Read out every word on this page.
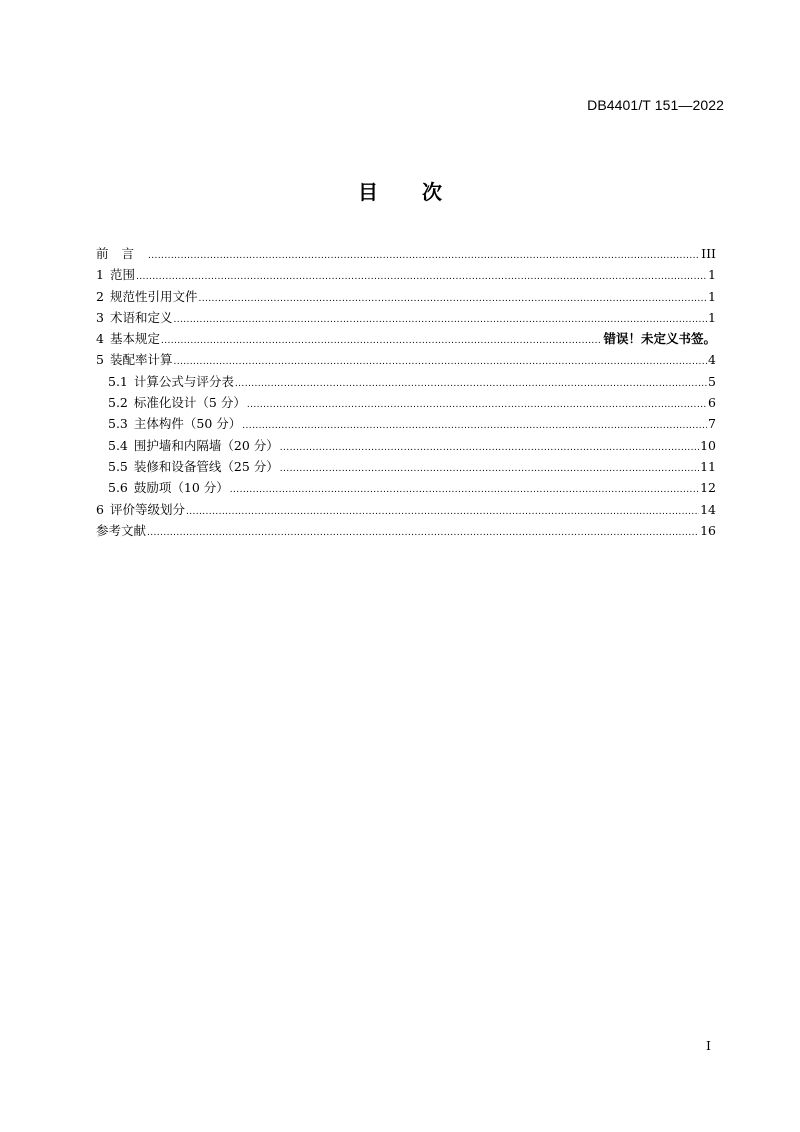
DB4401/T 151—2022
目次
前言 .....	III
1 范围 .....	1
2 规范性引用文件 .....	1
3 术语和定义 .....	1
4 基本规定 .....	错误！未定义书签。
5 装配率计算 .....	4
5.1 计算公式与评分表 .....	5
5.2 标准化设计（5 分） .....	6
5.3 主体构件（50 分） .....	7
5.4 围护墙和内隔墙（20 分） .....	10
5.5 装修和设备管线（25 分） .....	11
5.6 鼓励项（10 分） .....	12
6 评价等级划分 .....	14
参考文献 .....	16
I
